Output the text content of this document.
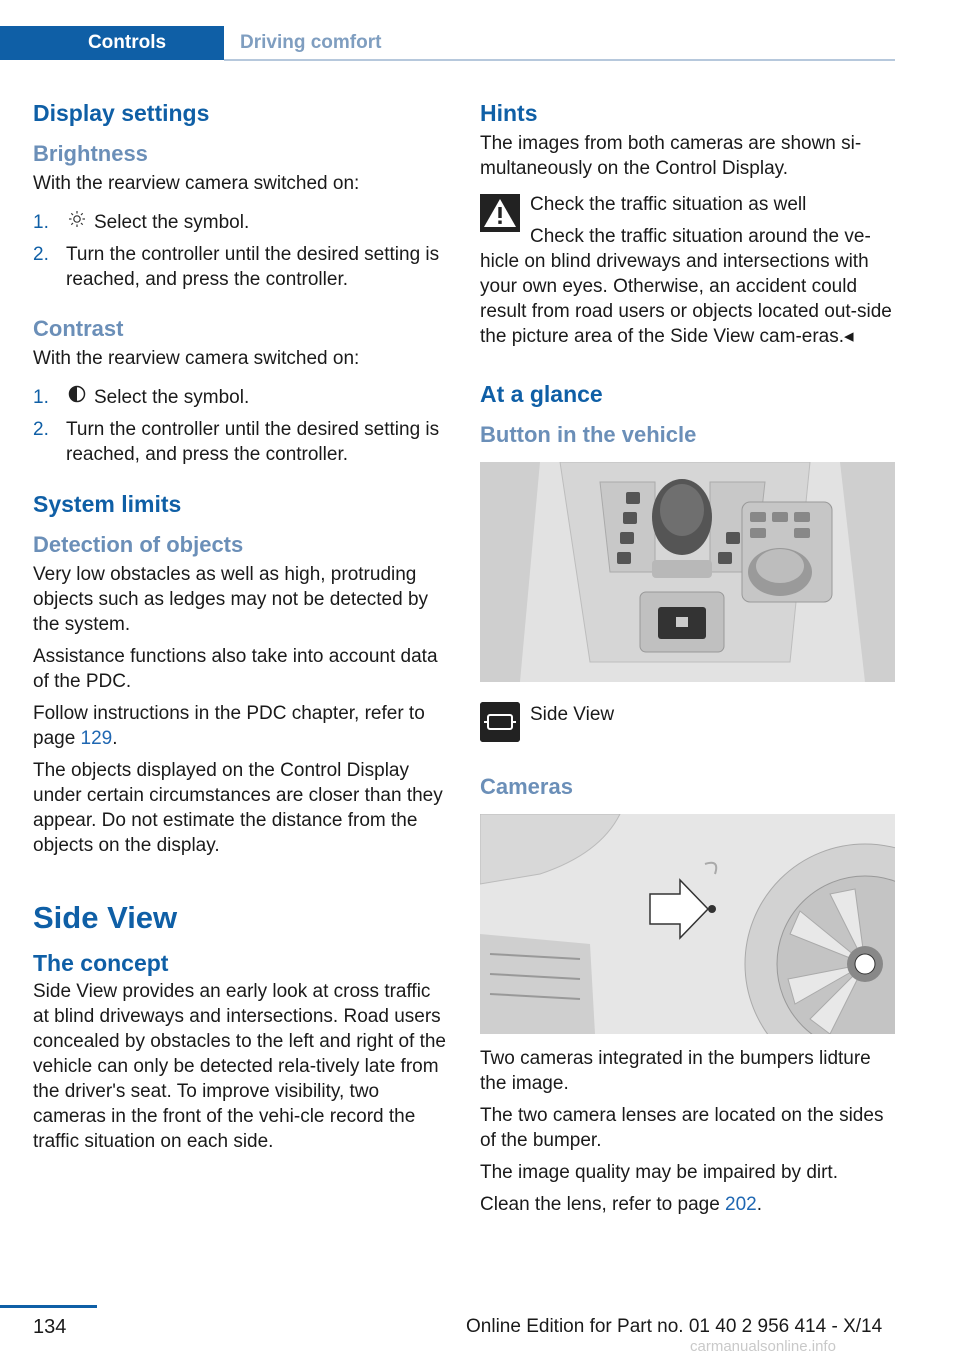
Controls	Driving comfort
Display settings
Brightness

With the rearview camera switched on:

1. Select the symbol.
2. Turn the controller until the desired setting is reached, and press the controller.
Contrast

With the rearview camera switched on:

1. Select the symbol.
2. Turn the controller until the desired setting is reached, and press the controller.
System limits
Detection of objects

Very low obstacles as well as high, protruding objects such as ledges may not be detected by the system.

Assistance functions also take into account data of the PDC.

Follow instructions in the PDC chapter, refer to page 129.

The objects displayed on the Control Display under certain circumstances are closer than they appear. Do not estimate the distance from the objects on the display.

Side View
The concept

Side View provides an early look at cross traffic at blind driveways and intersections. Road users concealed by obstacles to the left and right of the vehicle can only be detected rela-tively late from the driver's seat. To improve visibility, two cameras in the front of the vehi-cle record the traffic situation on each side.

Hints

The images from both cameras are shown si-multaneously on the Control Display.

Check the traffic situation as well

Check the traffic situation around the ve-

hicle on blind driveways and intersections with your own eyes. Otherwise, an accident could result from road users or objects located out-side the picture area of the Side View cam-eras.◂

At a glance
Button in the vehicle
Side View
Cameras

Two cameras integrated in the bumpers lidture the image.

The two camera lenses are located on the sides of the bumper.

The image quality may be impaired by dirt.

Clean the lens, refer to page 202.

134	Online Edition for Part no. 01 40 2 956 414 - X/14
carmanualsonline.info
